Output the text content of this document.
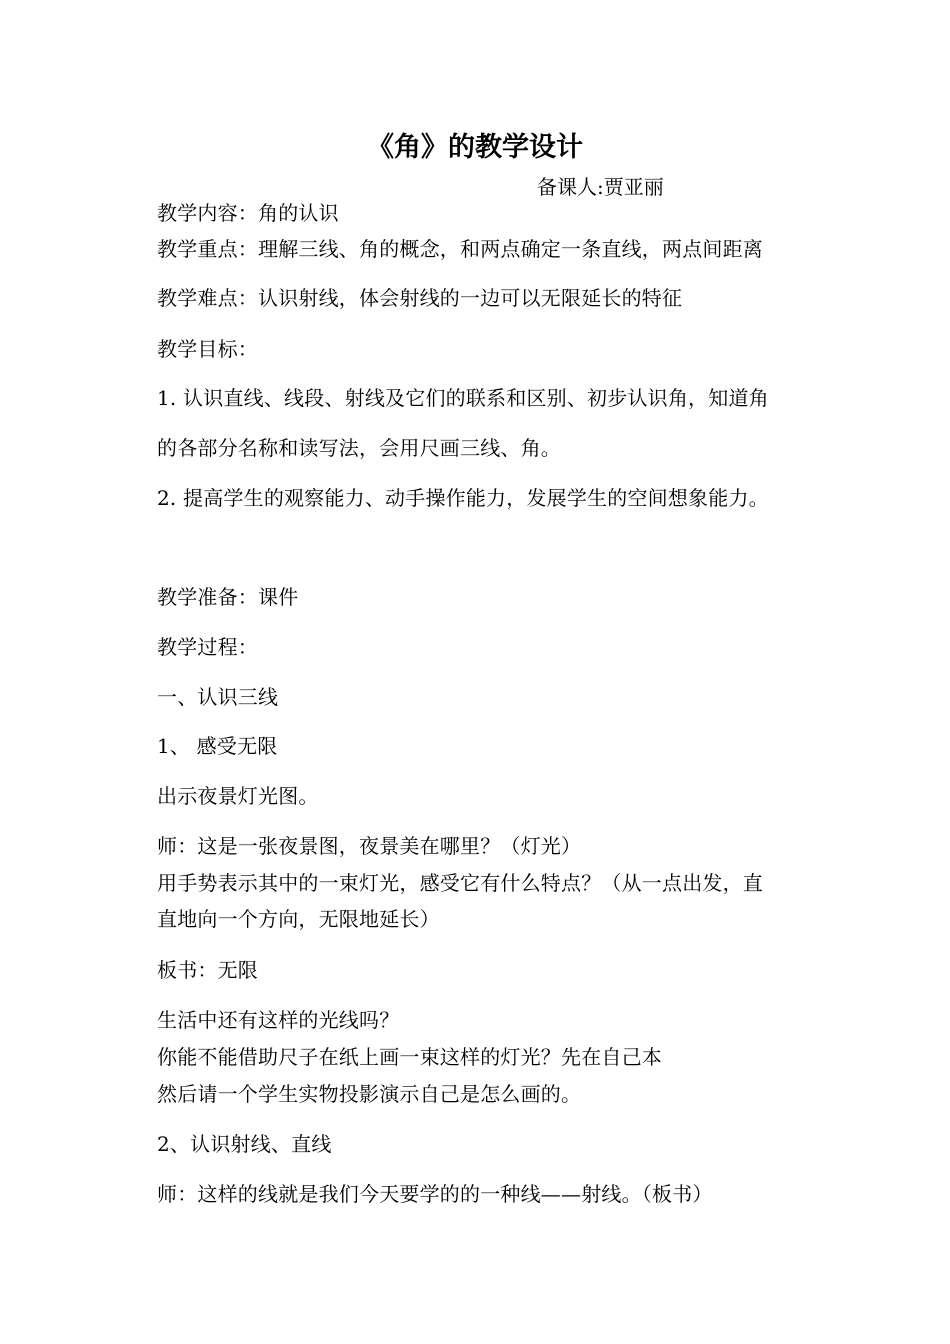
《角》的教学设计
备课人:贾亚丽
教学内容：角的认识
教学重点：理解三线、角的概念，和两点确定一条直线，两点间距离
教学难点：认识射线，体会射线的一边可以无限延长的特征
教学目标：
1. 认识直线、线段、射线及它们的联系和区别、初步认识角，知道角
的各部分名称和读写法，会用尺画三线、角。
2. 提高学生的观察能力、动手操作能力，发展学生的空间想象能力。
教学准备：课件
教学过程：
一、认识三线
1、 感受无限
出示夜景灯光图。
师：这是一张夜景图，夜景美在哪里？（灯光）
用手势表示其中的一束灯光，感受它有什么特点？（从一点出发，直
直地向一个方向，无限地延长）
板书：无限
生活中还有这样的光线吗？
你能不能借助尺子在纸上画一束这样的灯光？先在自己本
然后请一个学生实物投影演示自己是怎么画的。
2、认识射线、直线
师：这样的线就是我们今天要学的的一种线——射线。（板书）
